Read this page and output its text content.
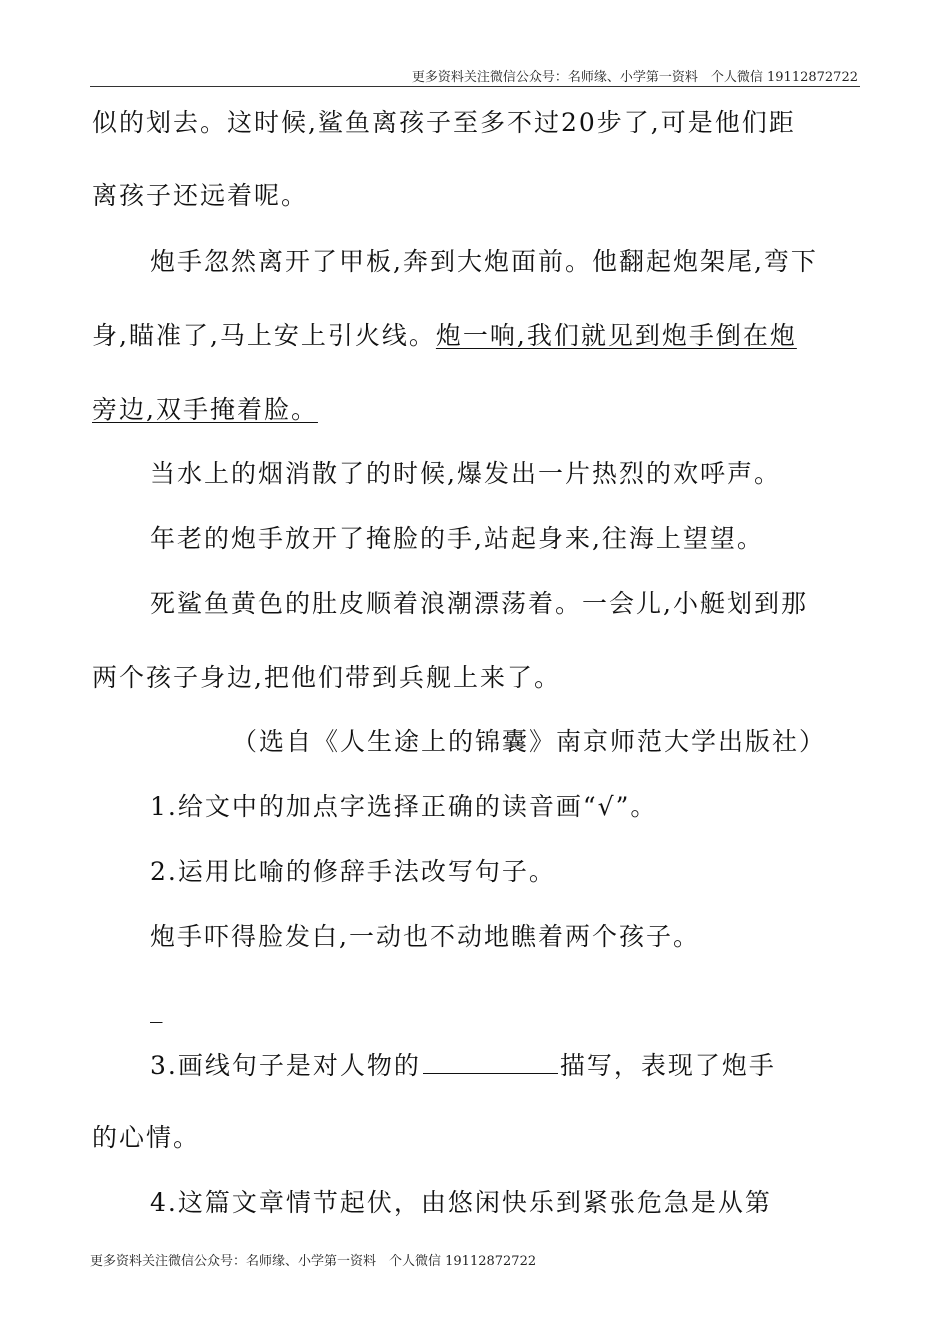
更多资料关注微信公众号：名师缘、小学第一资料　个人微信 19112872722
似的划去。这时候,鲨鱼离孩子至多不过20步了,可是他们距
离孩子还远着呢。
炮手忽然离开了甲板,奔到大炮面前。他翻起炮架尾,弯下
身,瞄准了,马上安上引火线。炮一响,我们就见到炮手倒在炮
旁边,双手掩着脸。
当水上的烟消散了的时候,爆发出一片热烈的欢呼声。
年老的炮手放开了掩脸的手,站起身来,往海上望望。
死鲨鱼黄色的肚皮顺着浪潮漂荡着。一会儿,小艇划到那
两个孩子身边,把他们带到兵舰上来了。
（选自《人生途上的锦囊》南京师范大学出版社）
1.给文中的加点字选择正确的读音画“√”。
2.运用比喻的修辞手法改写句子。
炮手吓得脸发白,一动也不动地瞧着两个孩子。
_
3.画线句子是对人物的	描写，表现了炮手
的心情。
4.这篇文章情节起伏，由悠闲快乐到紧张危急是从第
更多资料关注微信公众号：名师缘、小学第一资料　个人微信 19112872722
